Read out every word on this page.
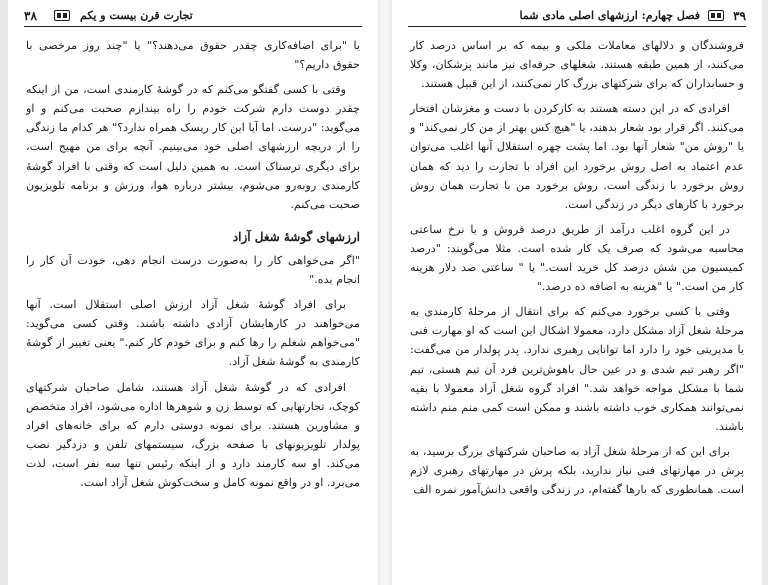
۳۸	تجارت قرن بیست و یکم

یا "برای اضافه‌کاری چقدر حقوق می‌دهند؟" یا "چند روز مرخصی با حقوق داریم؟"

وقتی با کسی گفتگو می‌کنم که در گوشهٔ کارمندی است، من از اینکه چقدر دوست دارم شرکت خودم را راه بیندازم صحبت می‌کنم و او می‌گوید: "درست. اما آیا این کار ریسک همراه ندارد؟" هر کدام ما زندگی را از دریچه ارزشهای اصلی خود می‌بینیم. آنچه برای من مهیج است، برای دیگری ترسناک است. به همین دلیل است که وقتی با افراد گوشهٔ کارمندی روبه‌رو می‌شوم، بیشتر درباره هوا، ورزش و برنامه تلویزیون صحبت می‌کنم.

ارزشهای گوشهٔ شغل آزاد

"اگر می‌خواهی کار را به‌صورت درست انجام دهی، خودت آن کار را انجام بده."

برای افراد گوشهٔ شغل آزاد ارزش اصلی استقلال است. آنها می‌خواهند در کارهایشان آزادی داشته باشند. وقتی کسی می‌گوید: "می‌خواهم شغلم را رها کنم و برای خودم کار کنم." یعنی تغییر از گوشهٔ کارمندی به گوشهٔ شغل آزاد.

افرادی که در گوشهٔ شغل آزاد هستند، شامل صاحبان شرکتهای کوچک، تجارتهایی که توسط زن و شوهرها اداره می‌شود، افراد متخصص و مشاورین هستند. برای نمونه دوستی دارم که برای خانه‌های افراد پولدار تلویزیونهای با صفحه بزرگ، سیستمهای تلفن و دزدگیر نصب می‌کند. او سه کارمند دارد و از اینکه رئیس تنها سه نفر است، لذت می‌برد. او در واقع نمونه کامل و سخت‌کوش شغل آزاد است.

۳۹
فصل چهارم: ارزشهای اصلی مادی شما

فروشندگان و دلالهای معاملات ملکی و بیمه که بر اساس درصد کار می‌کنند، از همین طبقه هستند. شغلهای حرفه‌ای نیز مانند پزشکان، وکلا و حسابداران که برای شرکتهای بزرگ کار نمی‌کنند، از این قبیل هستند.

افرادی که در این دسته هستند به کارکردن با دست و مغزشان افتخار می‌کنند. اگر قرار بود شعار بدهند، یا "هیچ کس بهتر از من کار نمی‌کند" و یا "روش من" شعار آنها بود. اما پشت چهره استقلال آنها اغلب می‌توان عدم اعتماد به اصل روش برخورد این افراد با تجارت را دید که همان روش برخورد با زندگی است. روش برخورد من با تجارت همان روش برخورد با کارهای دیگر در زندگی است.

در این گروه اغلب درآمد از طریق درصد فروش و یا نرخ ساعتی محاسبه می‌شود که صرف یک کار شده است. مثلا می‌گویند: "درصد کمیسیون من شش درصد کل خرید است." یا " ساعتی صد دلار هزینه کار من است." یا "هزینه به اضافه ده درصد."

وقتی با کسی برخورد می‌کنم که برای انتقال از مرحلهٔ کارمندی به مرحلهٔ شغل آزاد مشکل دارد، معمولا اشکال این است که او مهارت فنی یا مدیریتی خود را دارد اما توانایی رهبری ندارد. پدر پولدار من می‌گفت: "اگر رهبر تیم شدی و در عین حال باهوش‌ترین فرد آن تیم هستی، تیم شما با مشکل مواجه خواهد شد." افراد گروه شغل آزاد معمولا با بقیه نمی‌توانند همکاری خوب داشته باشند و ممکن است کمی منم منم داشته باشند.

برای این که از مرحلهٔ شغل آزاد به صاحبان شرکتهای بزرگ برسید، به پرش در مهارتهای فنی نیاز ندارید، بلکه پرش در مهارتهای رهبری لازم است. همانطوری که بارها گفته‌ام، در زندگی واقعی دانش‌آموز نمره الف
